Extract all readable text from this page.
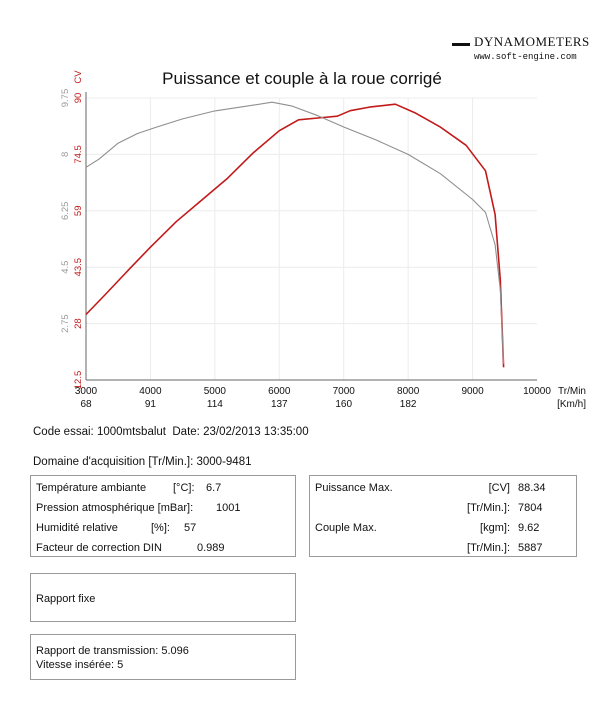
DYNAMOMETERS
www.soft-engine.com
Puissance et couple à la roue corrigé
3000	4000	5000	6000	7000	8000	9000	10000 Tr/Min
68	91	114	137	160	182	[Km/h]
12.5
28
43.5
59
74.5
90
CV
2.75
4.5
6.25
8
9.75
Code essai: 1000mtsbalut Date: 23/02/2013 13:35:00
Domaine d'acquisition [Tr/Min.]: 3000-9481
Température ambiante [°C]: 6.7
Pression atmosphérique [mBar]: 1001
Humidité relative	[%]: 57
Facteur de correction DIN	0.989
Puissance Max.	[CV] 88.34
[Tr/Min.]: 7804
Couple Max.	[kgm]: 9.62
[Tr/Min.]: 5887
Rapport fixe
Rapport de transmission: 5.096
Vitesse insérée: 5
